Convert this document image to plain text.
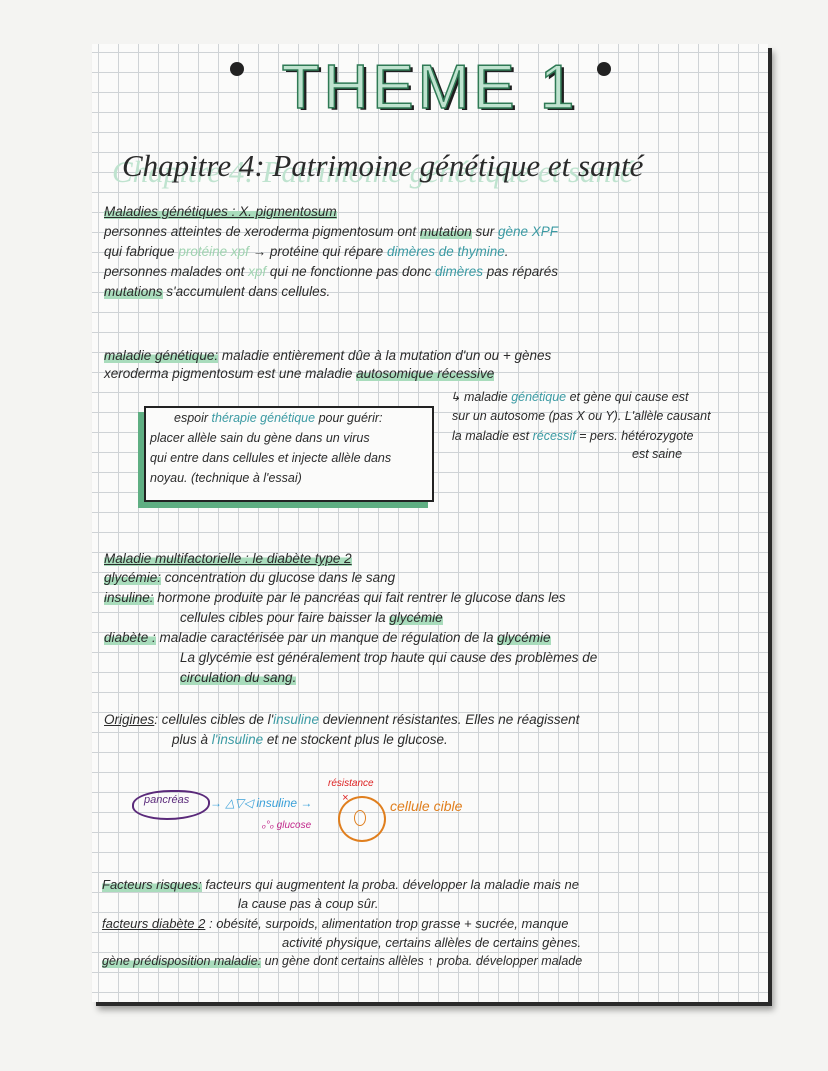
THEME 1
Chapitre 4: Patrimoine génétique et santé
Maladies génétiques : X. pigmentosum
personnes atteintes de xeroderma pigmentosum ont mutation sur gène XPF
qui fabrique protéine xpf → protéine qui répare dimères de thymine.
personnes malades ont xpf qui ne fonctionne pas donc dimères pas réparés
mutations s'accumulent dans cellules.
maladie génétique: maladie entièrement dûe à la mutation d'un ou + gènes
xeroderma pigmentosum est une maladie autosomique récessive
↳ maladie génétique et gène qui cause est
sur un autosome (pas X ou Y). L'allèle causant
la maladie est récessif = pers. hétérozygote
est saine
espoir thérapie génétique pour guérir:
placer allèle sain du gène dans un virus
qui entre dans cellules et injecte allèle dans
noyau. (technique à l'essai)
Maladie multifactorielle : le diabète type 2
glycémie: concentration du glucose dans le sang
insuline: hormone produite par le pancréas qui fait rentrer le glucose dans les
cellules cibles pour faire baisser la glycémie
diabète : maladie caractérisée par un manque de régulation de la glycémie
La glycémie est généralement trop haute qui cause des problèmes de
circulation du sang.
Origines: cellules cibles de l'insuline deviennent résistantes. Elles ne réagissent
plus à l'insuline et ne stockent plus le glucose.
pancréas → △▽◁ insuline →
résistance
×	cellule cible
ₒ°ₒ glucose
Facteurs risques: facteurs qui augmentent la proba. développer la maladie mais ne
la cause pas à coup sûr.
facteurs diabète 2 : obésité, surpoids, alimentation trop grasse + sucrée, manque
activité physique, certains allèles de certains gènes.
gène prédisposition maladie: un gène dont certains allèles ↑ proba. développer malade
